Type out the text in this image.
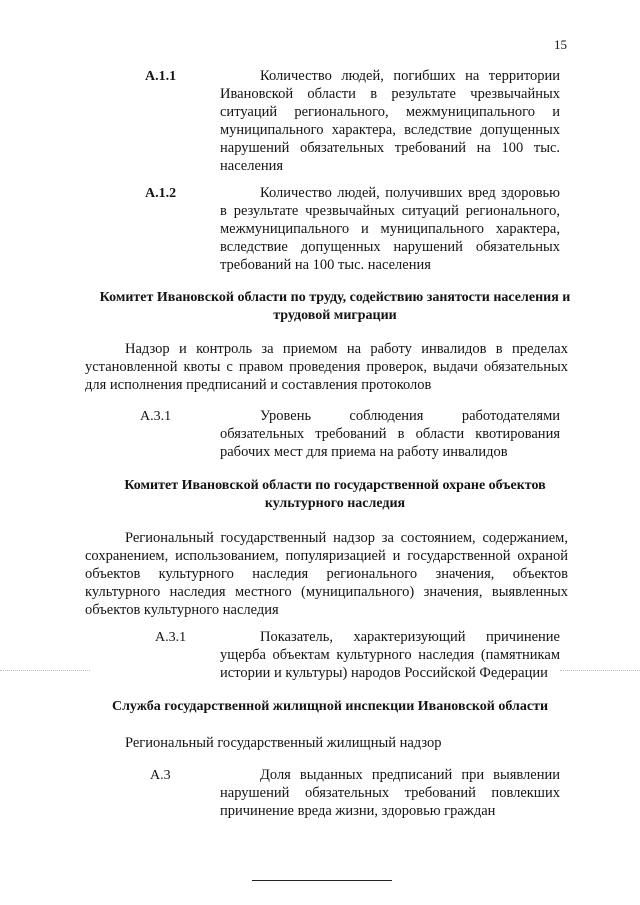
15
А.1.1	Количество людей, погибших на территории Ивановской области в результате чрезвычайных ситуаций регионального, межмуниципального и муниципального характера, вследствие допущенных нарушений обязательных требований на 100 тыс. населения
А.1.2	Количество людей, получивших вред здоровью в результате чрезвычайных ситуаций регионального, межмуниципального и муниципального характера, вследствие допущенных нарушений обязательных требований на 100 тыс. населения
Комитет Ивановской области по труду, содействию занятости населения и трудовой миграции
Надзор и контроль за приемом на работу инвалидов в пределах установленной квоты с правом проведения проверок, выдачи обязательных для исполнения предписаний и составления протоколов
А.3.1	Уровень соблюдения работодателями обязательных требований в области квотирования рабочих мест для приема на работу инвалидов
Комитет Ивановской области по государственной охране объектов культурного наследия
Региональный государственный надзор за состоянием, содержанием, сохранением, использованием, популяризацией и государственной охраной объектов культурного наследия регионального значения, объектов культурного наследия местного (муниципального) значения, выявленных объектов культурного наследия
А.3.1	Показатель, характеризующий причинение ущерба объектам культурного наследия (памятникам истории и культуры) народов Российской Федерации
Служба государственной жилищной инспекции Ивановской области
Региональный государственный жилищный надзор
А.3	Доля выданных предписаний при выявлении нарушений обязательных требований повлекших причинение вреда жизни, здоровью граждан
